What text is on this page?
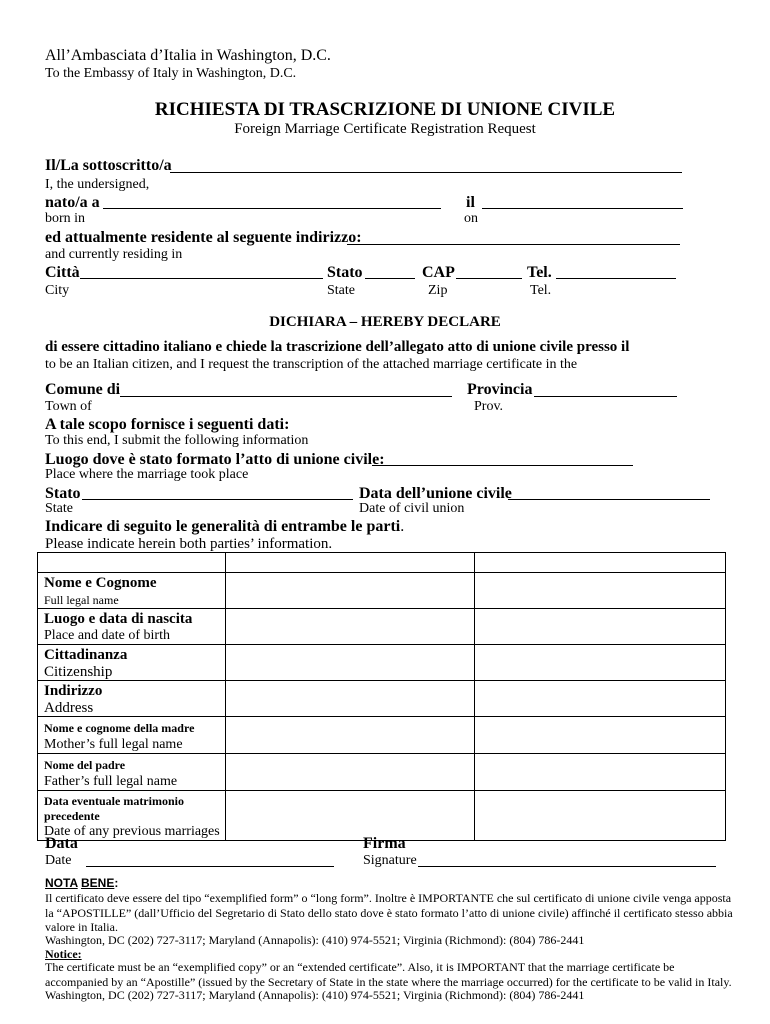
All’Ambasciata d’Italia in Washington, D.C.
To the Embassy of Italy in Washington, D.C.
RICHIESTA DI TRASCRIZIONE DI UNIONE CIVILE
Foreign Marriage Certificate Registration Request
Il/La sottoscritto/a
I, the undersigned,
nato/a a	il
born in	on
ed attualmente residente al seguente indirizzo:
and currently residing in
Città	Stato	CAP	Tel.
City	State	Zip	Tel.
DICHIARA – HEREBY DECLARE
di essere cittadino italiano e chiede la trascrizione dell’allegato atto di unione civile presso il
to be an Italian citizen, and I request the transcription of the attached marriage certificate in the
Comune di	Provincia
Town of	Prov.
A tale scopo fornisce i seguenti dati:
To this end, I submit the following information
Luogo dove è stato formato l’atto di unione civile:
Place where the marriage took place
Stato	Data dell’unione civile
State	Date of civil union
Indicare di seguito le generalità di entrambe le parti.
Please indicate herein both parties’ information.

Nome e Cognome
Full legal name		

Luogo e data di nascita
Place and date of birth		

Cittadinanza
Citizenship		

Indirizzo
Address		

Nome e cognome della madre
Mother’s full legal name		

Nome del padre
Father’s full legal name		

Data eventuale matrimonio precedente
Date of any previous marriages		

Data	Firma
Date	Signature
NOTA BENE:
Il certificato deve essere del tipo “exemplified form” o “long form”. Inoltre è IMPORTANTE che sul certificato di unione civile venga apposta la “APOSTILLE” (dall’Ufficio del Segretario di Stato dello stato dove è stato formato l’atto di unione civile) affinché il certificato stesso abbia valore in Italia.
Washington, DC (202) 727-3117; Maryland (Annapolis): (410) 974-5521; Virginia (Richmond): (804) 786-2441
Notice:
The certificate must be an “exemplified copy” or an “extended certificate”. Also, it is IMPORTANT that the marriage certificate be accompanied by an “Apostille” (issued by the Secretary of State in the state where the marriage occurred) for the certificate to be valid in Italy.
Washington, DC (202) 727-3117; Maryland (Annapolis): (410) 974-5521; Virginia (Richmond): (804) 786-2441
